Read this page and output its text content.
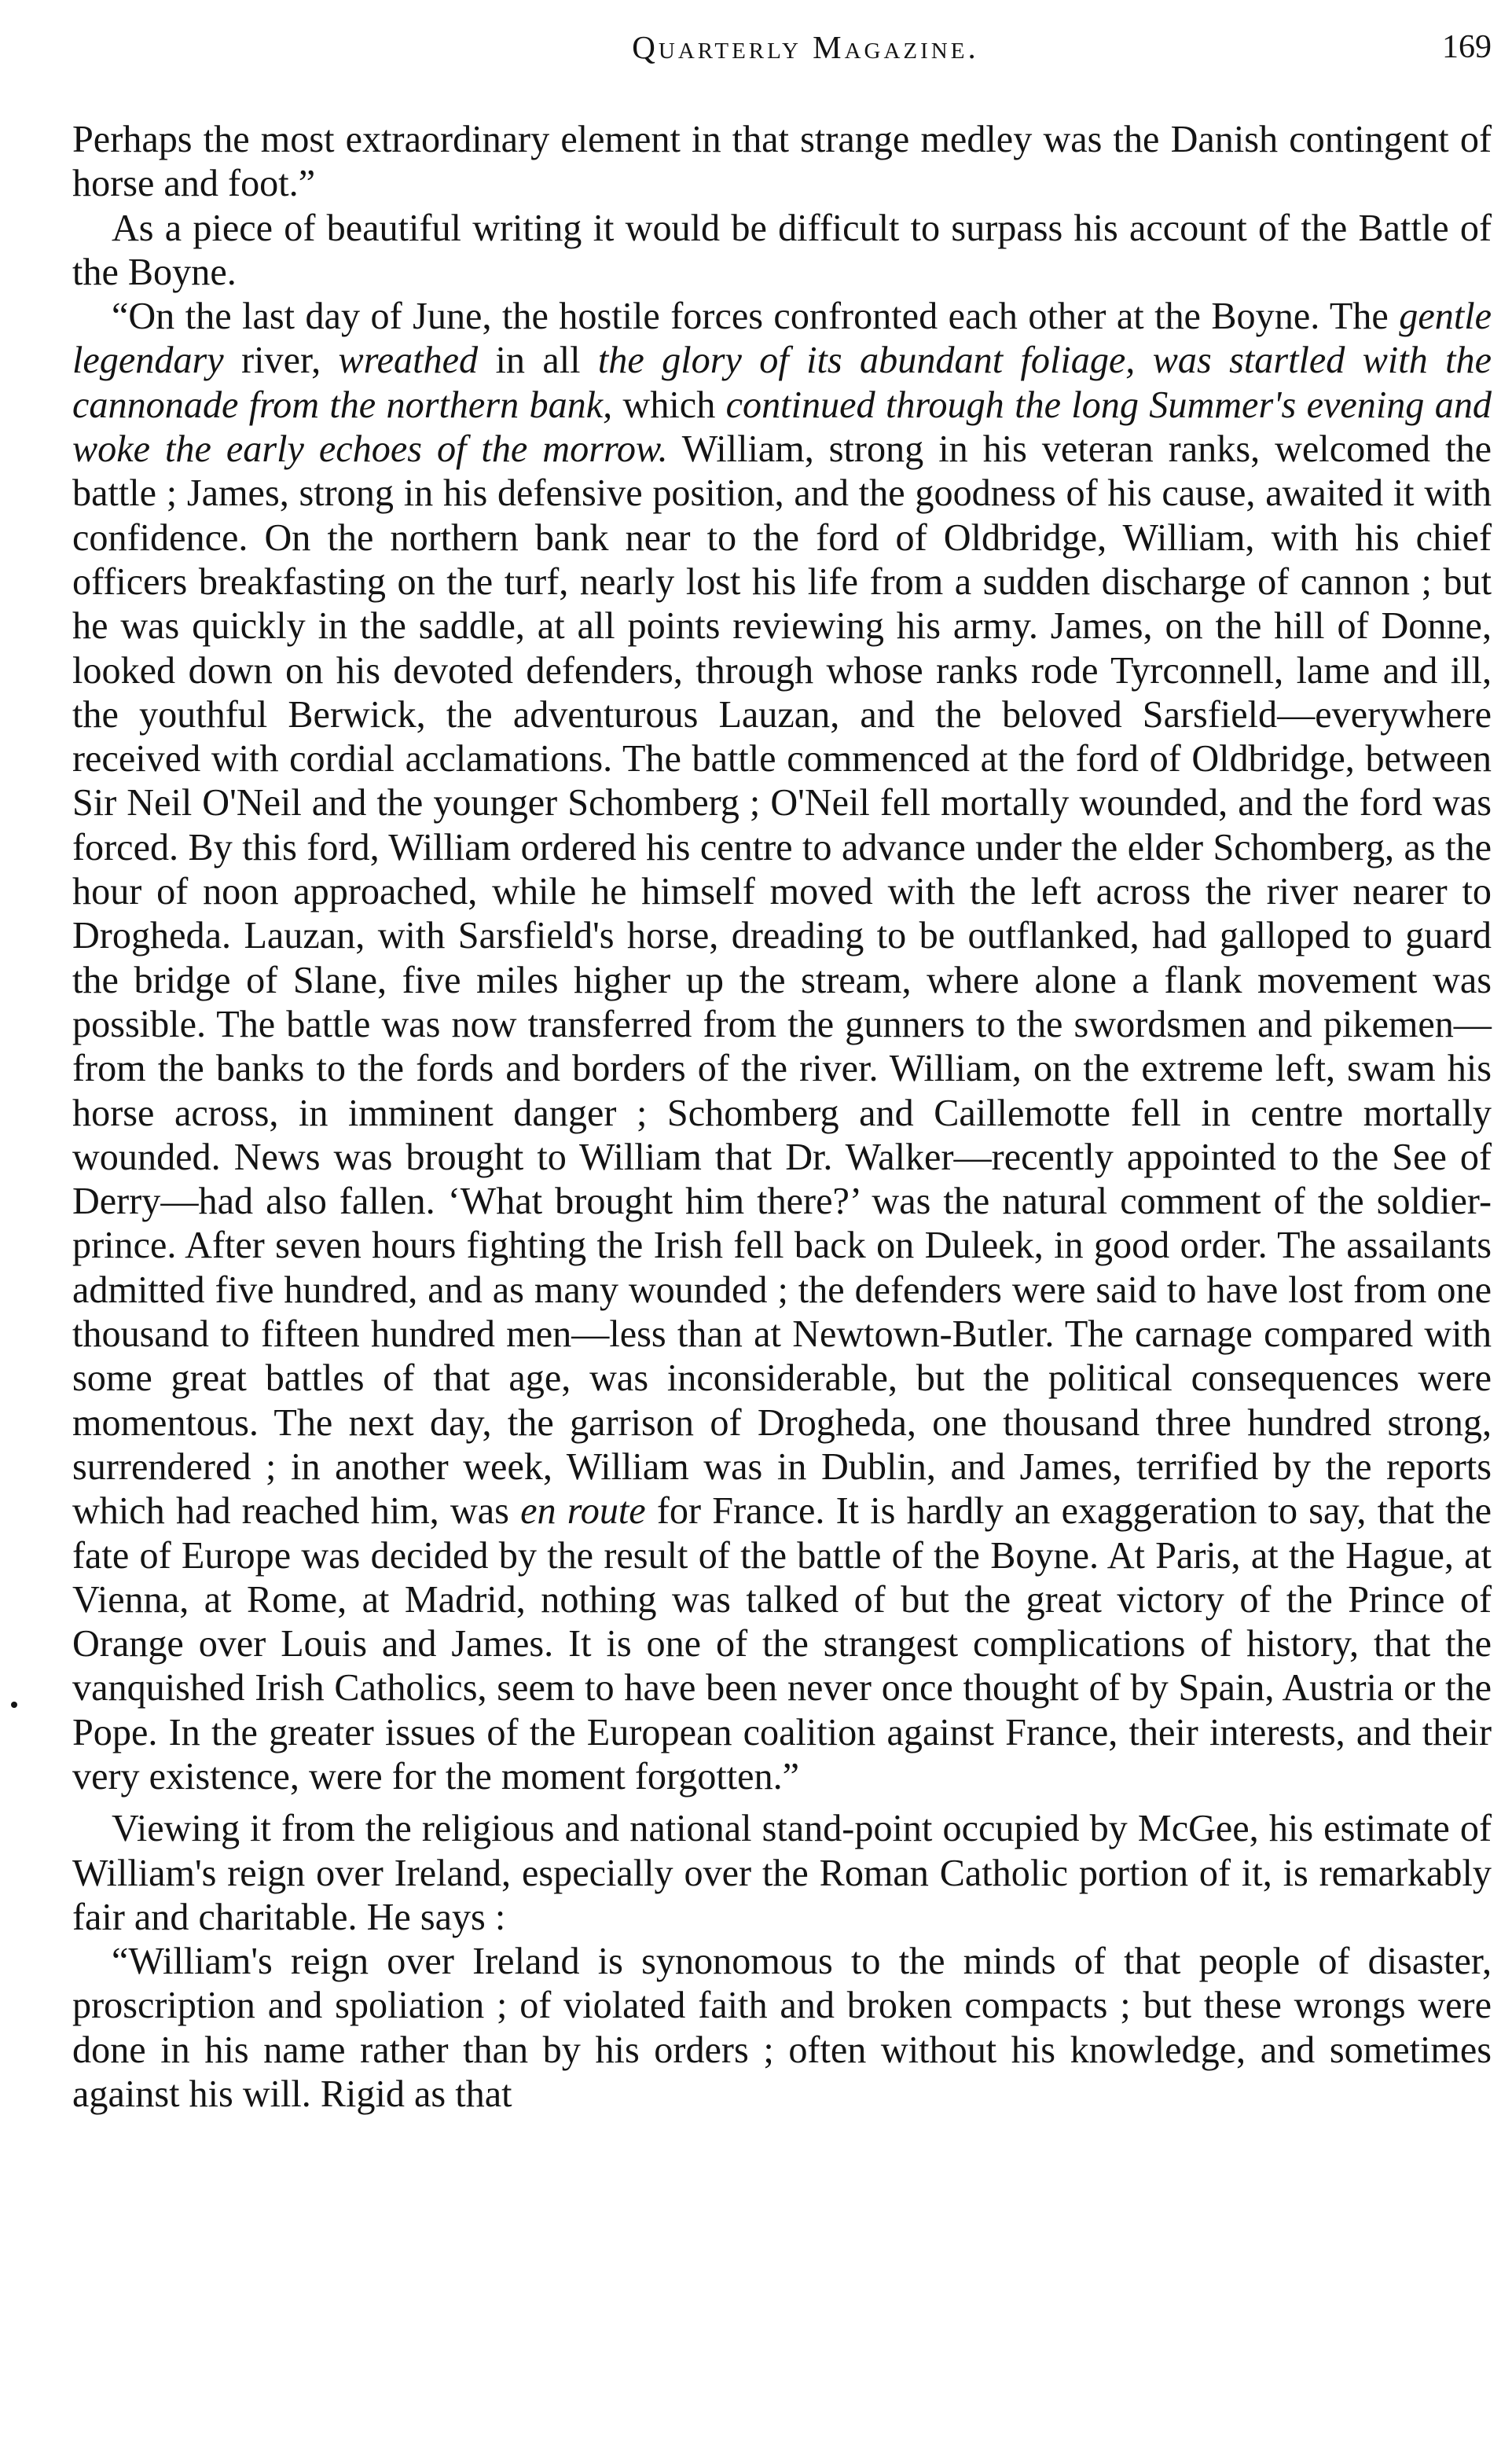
Quarterly Magazine.	169

Perhaps the most extraordinary element in that strange medley was the Danish contingent of horse and foot.”

As a piece of beautiful writing it would be difficult to surpass his account of the Battle of the Boyne.

“On the last day of June, the hostile forces confronted each other at the Boyne. The gentle legendary river, wreathed in all the glory of its abundant foliage, was startled with the cannonade from the northern bank, which continued through the long Summer's evening and woke the early echoes of the morrow. William, strong in his veteran ranks, welcomed the battle ; James, strong in his defensive position, and the goodness of his cause, awaited it with confidence. On the northern bank near to the ford of Oldbridge, William, with his chief officers breakfasting on the turf, nearly lost his life from a sudden discharge of cannon ; but he was quickly in the saddle, at all points reviewing his army. James, on the hill of Donne, looked down on his devoted defenders, through whose ranks rode Tyrconnell, lame and ill, the youthful Berwick, the adventurous Lauzan, and the beloved Sarsfield—everywhere received with cordial acclamations. The battle commenced at the ford of Oldbridge, between Sir Neil O'Neil and the younger Schomberg ; O'Neil fell mortally wounded, and the ford was forced. By this ford, William ordered his centre to advance under the elder Schomberg, as the hour of noon approached, while he himself moved with the left across the river nearer to Drogheda. Lauzan, with Sarsfield's horse, dreading to be outflanked, had galloped to guard the bridge of Slane, five miles higher up the stream, where alone a flank movement was possible. The battle was now transferred from the gunners to the swordsmen and pikemen—from the banks to the fords and borders of the river. William, on the extreme left, swam his horse across, in imminent danger ; Schomberg and Caillemotte fell in centre mortally wounded. News was brought to William that Dr. Walker—recently appointed to the See of Derry—had also fallen. ‘What brought him there?’ was the natural comment of the soldier-prince. After seven hours fighting the Irish fell back on Duleek, in good order. The assailants admitted five hundred, and as many wounded ; the defenders were said to have lost from one thousand to fifteen hundred men—less than at Newtown-Butler. The carnage compared with some great battles of that age, was inconsiderable, but the political consequences were momentous. The next day, the garrison of Drogheda, one thousand three hundred strong, surrendered ; in another week, William was in Dublin, and James, terrified by the reports which had reached him, was en route for France. It is hardly an exaggeration to say, that the fate of Europe was decided by the result of the battle of the Boyne. At Paris, at the Hague, at Vienna, at Rome, at Madrid, nothing was talked of but the great victory of the Prince of Orange over Louis and James. It is one of the strangest complications of history, that the vanquished Irish Catholics, seem to have been never once thought of by Spain, Austria or the Pope. In the greater issues of the European coalition against France, their interests, and their very existence, were for the moment forgotten.”

Viewing it from the religious and national stand-point occupied by McGee, his estimate of William's reign over Ireland, especially over the Roman Catholic portion of it, is remarkably fair and charitable. He says :

“William's reign over Ireland is synonomous to the minds of that people of disaster, proscription and spoliation ; of violated faith and broken compacts ; but these wrongs were done in his name rather than by his orders ; often without his knowledge, and sometimes against his will. Rigid as that
